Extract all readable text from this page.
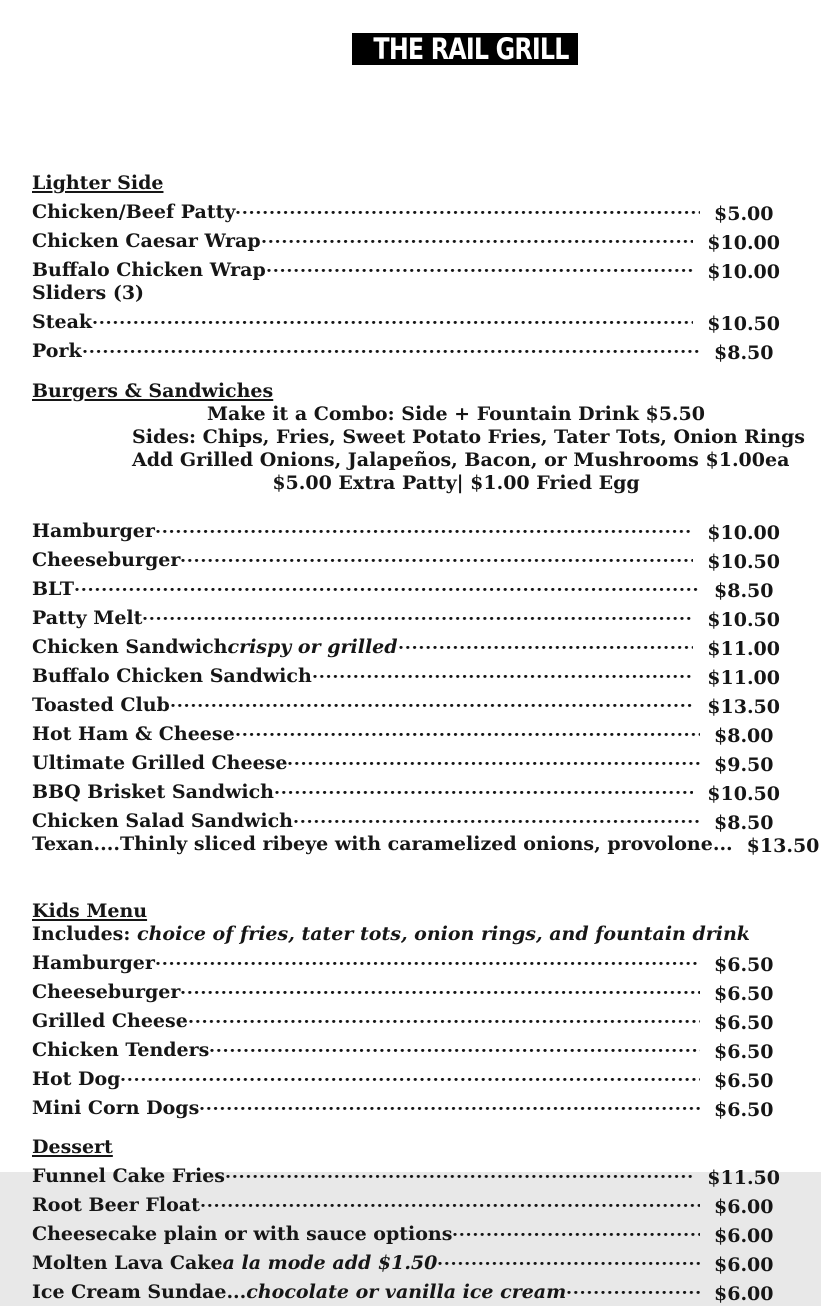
THE RAIL GRILL
Lighter Side
Chicken/Beef Patty	$5.00
Chicken Caesar Wrap	$10.00
Buffalo Chicken Wrap	$10.00
Sliders (3)
Steak	$10.50
Pork	$8.50
Burgers & Sandwiches

Make it a Combo: Side + Fountain Drink $5.50

Sides: Chips, Fries, Sweet Potato Fries, Tater Tots, Onion Rings

Add Grilled Onions, Jalapeños, Bacon, or Mushrooms $1.00ea

$5.00 Extra Patty| $1.00 Fried Egg

Hamburger	$10.00
Cheeseburger	$10.50
BLT	$8.50
Patty Melt	$10.50
Chicken Sandwich crispy or grilled	$11.00
Buffalo Chicken Sandwich	$11.00
Toasted Club	$13.50
Hot Ham & Cheese	$8.00
Ultimate Grilled Cheese	$9.50
BBQ Brisket Sandwich	$10.50
Chicken Salad Sandwich	$8.50
Texan....Thinly sliced ribeye with caramelized onions, provolone... $13.50
Kids Menu
Includes: choice of fries, tater tots, onion rings, and fountain drink
Hamburger	$6.50
Cheeseburger	$6.50
Grilled Cheese	$6.50
Chicken Tenders	$6.50
Hot Dog	$6.50
Mini Corn Dogs	$6.50
Dessert
Funnel Cake Fries	$11.50
Root Beer Float	$6.00
Cheesecake plain or with sauce options	$6.00
Molten Lava Cake a la mode add $1.50	$6.00
Ice Cream Sundae... chocolate or vanilla ice cream	$6.00
